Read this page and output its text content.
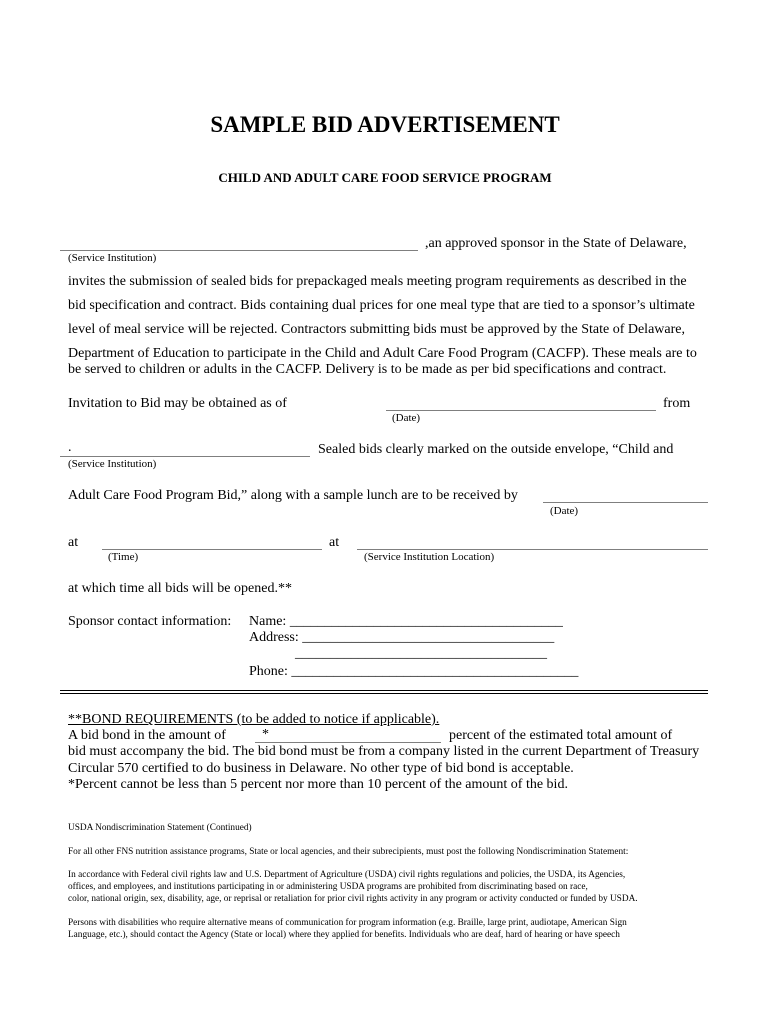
SAMPLE BID ADVERTISEMENT
CHILD AND ADULT CARE FOOD SERVICE PROGRAM
,an approved sponsor in the State of Delaware,
(Service Institution)
invites the submission of sealed bids for prepackaged meals meeting program requirements as described in the
bid specification and contract. Bids containing dual prices for one meal type that are tied to a sponsor’s ultimate
level of meal service will be rejected. Contractors submitting bids must be approved by the State of Delaware,
Department of Education to participate in the Child and Adult Care Food Program (CACFP). These meals are to
be served to children or adults in the CACFP. Delivery is to be made as per bid specifications and contract.
Invitation to Bid may be obtained as of	from
(Date)
.	Sealed bids clearly marked on the outside envelope, “Child and
(Service Institution)
Adult Care Food Program Bid,” along with a sample lunch are to be received by
(Date)
at	at
(Time)	(Service Institution Location)
at which time all bids will be opened.**
Sponsor contact information: Name: _______________________________________
Address: ____________________________________
____________________________________
Phone: _________________________________________
**BOND REQUIREMENTS (to be added to notice if applicable).
A bid bond in the amount of	*	percent of the estimated total amount of
bid must accompany the bid. The bid bond must be from a company listed in the current Department of Treasury
Circular 570 certified to do business in Delaware. No other type of bid bond is acceptable.
*Percent cannot be less than 5 percent nor more than 10 percent of the amount of the bid.
USDA Nondiscrimination Statement (Continued)
For all other FNS nutrition assistance programs, State or local agencies, and their subrecipients, must post the following Nondiscrimination Statement:
In accordance with Federal civil rights law and U.S. Department of Agriculture (USDA) civil rights regulations and policies, the USDA, its Agencies,
offices, and employees, and institutions participating in or administering USDA programs are prohibited from discriminating based on race,
color, national origin, sex, disability, age, or reprisal or retaliation for prior civil rights activity in any program or activity conducted or funded by USDA.
Persons with disabilities who require alternative means of communication for program information (e.g. Braille, large print, audiotape, American Sign
Language, etc.), should contact the Agency (State or local) where they applied for benefits. Individuals who are deaf, hard of hearing or have speech
